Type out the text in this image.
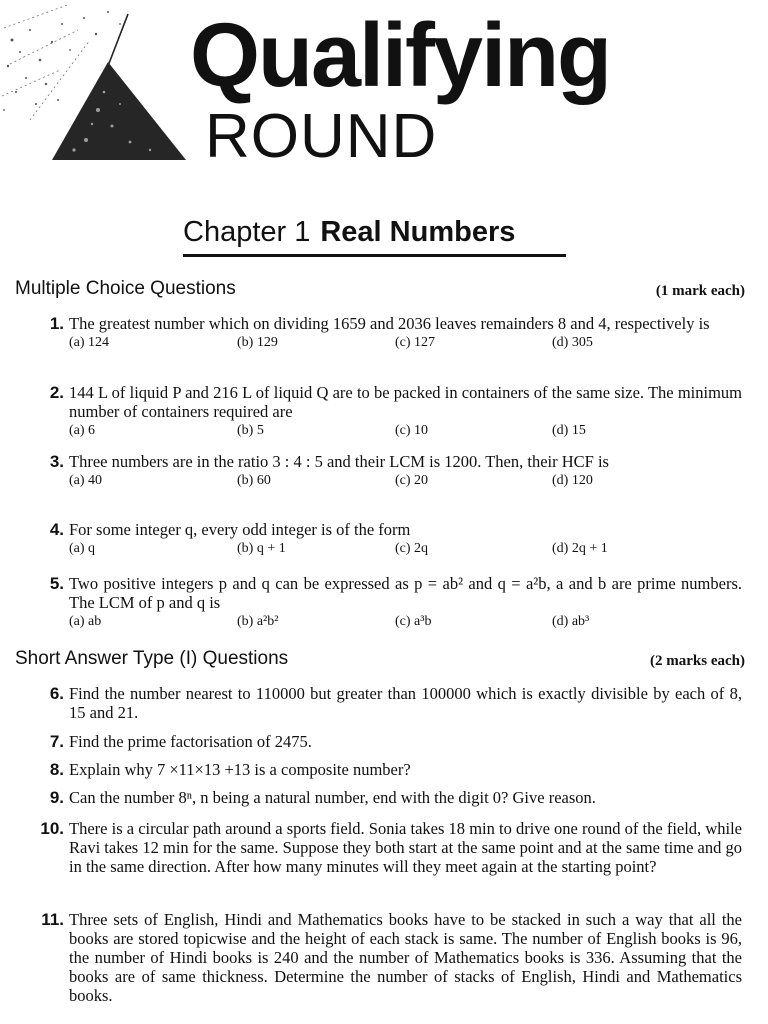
Qualifying
ROUND
Chapter 1 Real Numbers
Multiple Choice Questions	(1 mark each)
1. The greatest number which on dividing 1659 and 2036 leaves remainders 8 and 4, respectively is
(a) 124	(b) 129	(c) 127	(d) 305
2. 144 L of liquid P and 216 L of liquid Q are to be packed in containers of the same size. The minimum number of containers required are
(a) 6	(b) 5	(c) 10	(d) 15
3. Three numbers are in the ratio 3 : 4 : 5 and their LCM is 1200. Then, their HCF is
(a) 40	(b) 60	(c) 20	(d) 120
4. For some integer q, every odd integer is of the form
(a) q	(b) q + 1	(c) 2q	(d) 2q + 1
5. Two positive integers p and q can be expressed as p = ab² and q = a²b, a and b are prime numbers. The LCM of p and q is
(a) ab	(b) a²b²	(c) a³b	(d) ab³
Short Answer Type (I) Questions	(2 marks each)
6. Find the number nearest to 110000 but greater than 100000 which is exactly divisible by each of 8, 15 and 21.
7. Find the prime factorisation of 2475.
8. Explain why 7 ×11×13 +13 is a composite number?
9. Can the number 8ⁿ, n being a natural number, end with the digit 0? Give reason.
10. There is a circular path around a sports field. Sonia takes 18 min to drive one round of the field, while Ravi takes 12 min for the same. Suppose they both start at the same point and at the same time and go in the same direction. After how many minutes will they meet again at the starting point?
11. Three sets of English, Hindi and Mathematics books have to be stacked in such a way that all the books are stored topicwise and the height of each stack is same. The number of English books is 96, the number of Hindi books is 240 and the number of Mathematics books is 336. Assuming that the books are of same thickness. Determine the number of stacks of English, Hindi and Mathematics books.
